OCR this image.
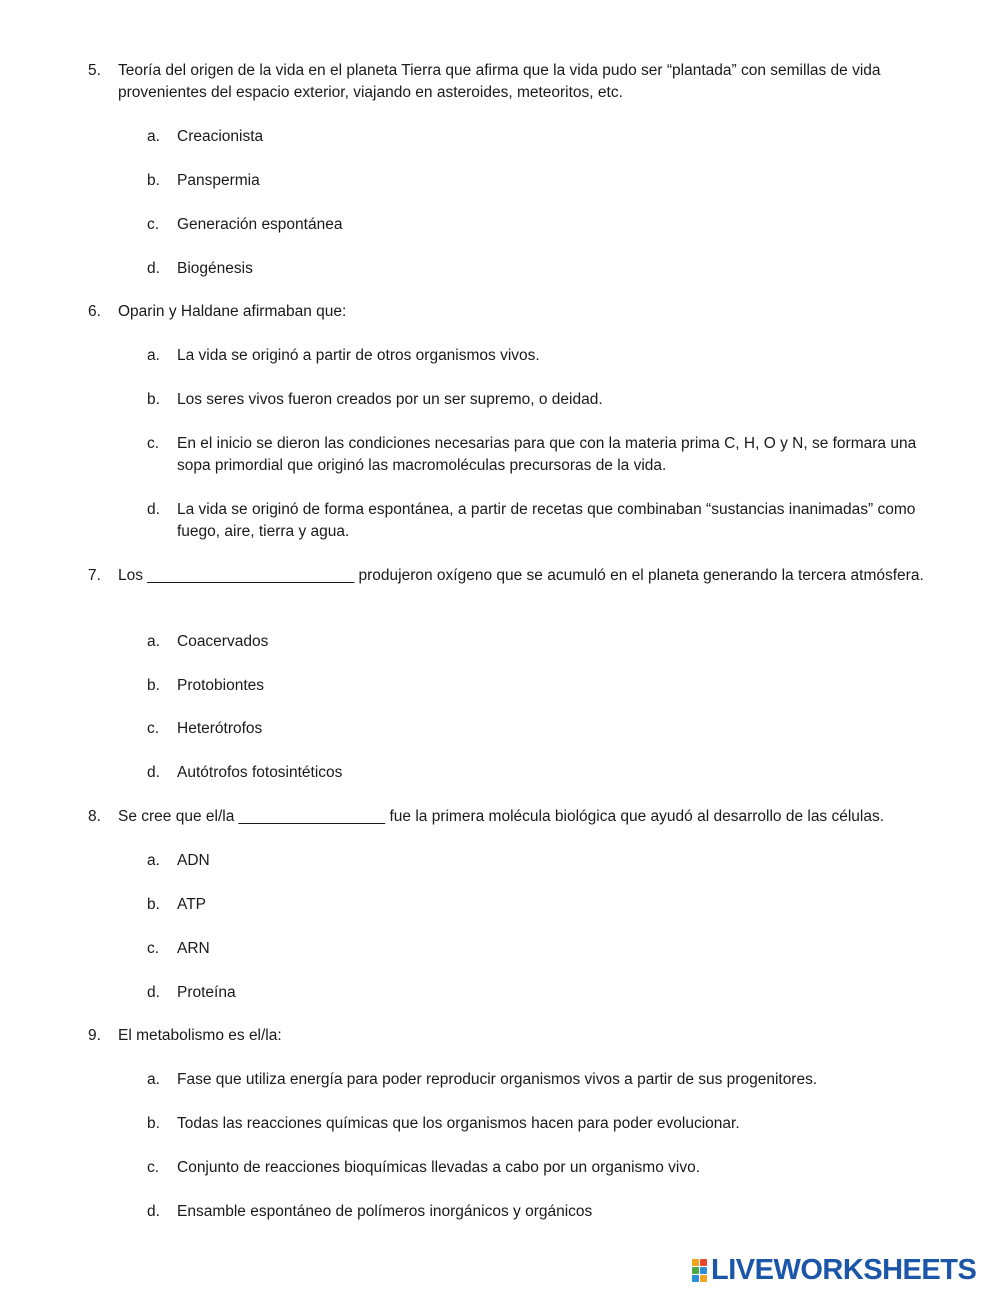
5.	Teoría del origen de la vida en el planeta Tierra que afirma que la vida pudo ser “plantada” con semillas de vida provenientes del espacio exterior, viajando en asteroides, meteoritos, etc.
a.	Creacionista
b.	Panspermia
c.	Generación espontánea
d.	Biogénesis
6.	Oparin y Haldane afirmaban que:
a.	La vida se originó a partir de otros organismos vivos.
b.	Los seres vivos fueron creados por un ser supremo, o deidad.
c.	En el inicio se dieron las condiciones necesarias para que con la materia prima C, H, O y N, se formara una sopa primordial que originó las macromoléculas precursoras de la vida.
d.	La vida se originó de forma espontánea, a partir de recetas que combinaban “sustancias inanimadas” como fuego, aire, tierra y agua.
7.	Los ________________________ produjeron oxígeno que se acumuló en el planeta generando la tercera atmósfera.
a.	Coacervados
b.	Protobiontes
c.	Heterótrofos
d.	Autótrofos fotosintéticos
8.	Se cree que el/la _________________ fue la primera molécula biológica que ayudó al desarrollo de las células.
a.	ADN
b.	ATP
c.	ARN
d.	Proteína
9.	El metabolismo es el/la:
a.	Fase que utiliza energía para poder reproducir organismos vivos a partir de sus progenitores.
b.	Todas las reacciones químicas que los organismos hacen para poder evolucionar.
c.	Conjunto de reacciones bioquímicas llevadas a cabo por un organismo vivo.
d.	Ensamble espontáneo de polímeros inorgánicos y orgánicos
LIVEWORKSHEETS
